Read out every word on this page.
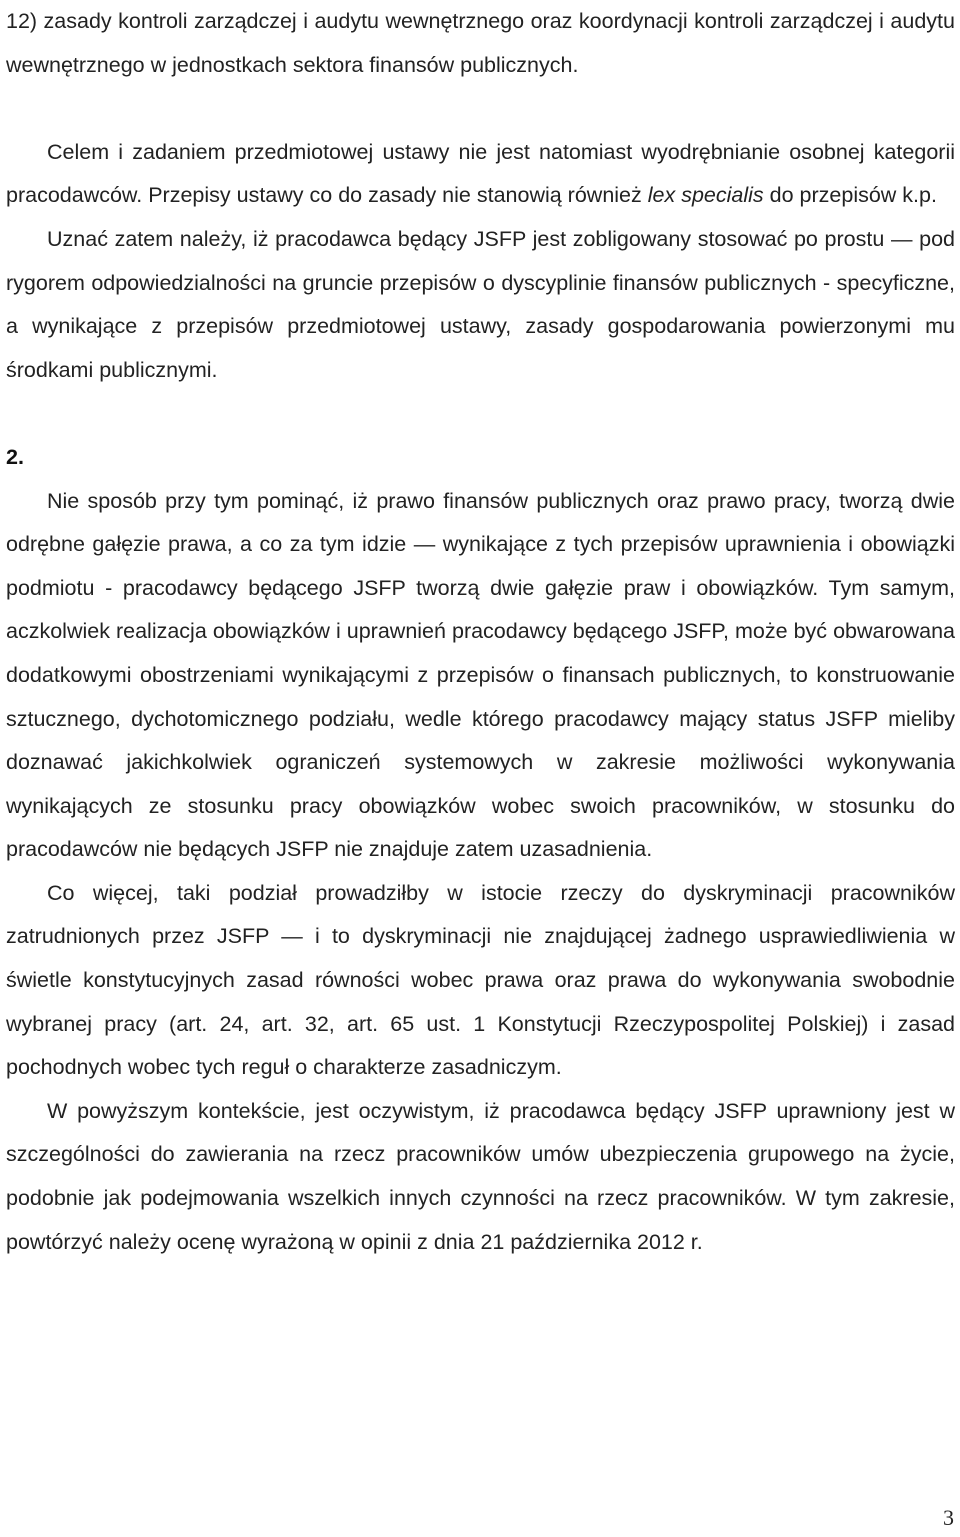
12) zasady kontroli zarządczej i audytu wewnętrznego oraz koordynacji kontroli zarządczej i audytu wewnętrznego w jednostkach sektora finansów publicznych.

Celem i zadaniem przedmiotowej ustawy nie jest natomiast wyodrębnianie osobnej kategorii pracodawców. Przepisy ustawy co do zasady nie stanowią również lex specialis do przepisów k.p.

Uznać zatem należy, iż pracodawca będący JSFP jest zobligowany stosować po prostu — pod rygorem odpowiedzialności na gruncie przepisów o dyscyplinie finansów publicznych - specyficzne, a wynikające z przepisów przedmiotowej ustawy, zasady gospodarowania powierzonymi mu środkami publicznymi.

2.

Nie sposób przy tym pominąć, iż prawo finansów publicznych oraz prawo pracy, tworzą dwie odrębne gałęzie prawa, a co za tym idzie — wynikające z tych przepisów uprawnienia i obowiązki podmiotu - pracodawcy będącego JSFP tworzą dwie gałęzie praw i obowiązków. Tym samym, aczkolwiek realizacja obowiązków i uprawnień pracodawcy będącego JSFP, może być obwarowana dodatkowymi obostrzeniami wynikającymi z przepisów o finansach publicznych, to konstruowanie sztucznego, dychotomicznego podziału, wedle którego pracodawcy mający status JSFP mieliby doznawać jakichkolwiek ograniczeń systemowych w zakresie możliwości wykonywania wynikających ze stosunku pracy obowiązków wobec swoich pracowników, w stosunku do pracodawców nie będących JSFP nie znajduje zatem uzasadnienia.

Co więcej, taki podział prowadziłby w istocie rzeczy do dyskryminacji pracowników zatrudnionych przez JSFP — i to dyskryminacji nie znajdującej żadnego usprawiedliwienia w świetle konstytucyjnych zasad równości wobec prawa oraz prawa do wykonywania swobodnie wybranej pracy (art. 24, art. 32, art. 65 ust. 1 Konstytucji Rzeczypospolitej Polskiej) i zasad pochodnych wobec tych reguł o charakterze zasadniczym.

W powyższym kontekście, jest oczywistym, iż pracodawca będący JSFP uprawniony jest w szczególności do zawierania na rzecz pracowników umów ubezpieczenia grupowego na życie, podobnie jak podejmowania wszelkich innych czynności na rzecz pracowników. W tym zakresie, powtórzyć należy ocenę wyrażoną w opinii z dnia 21 października 2012 r.

3
